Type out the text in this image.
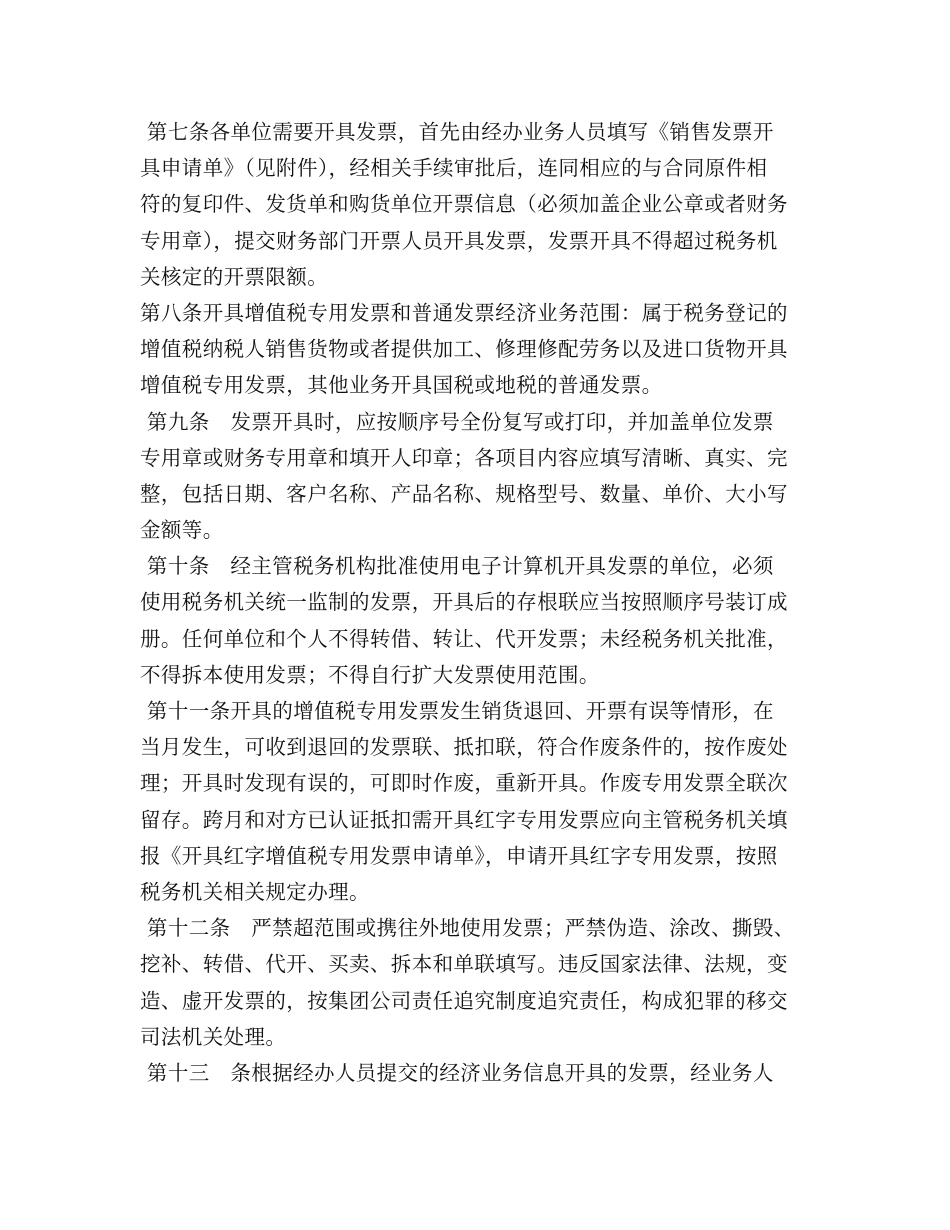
第七条各单位需要开具发票，首先由经办业务人员填写《销售发票开
具申请单》（见附件），经相关手续审批后，连同相应的与合同原件相
符的复印件、发货单和购货单位开票信息（必须加盖企业公章或者财务
专用章），提交财务部门开票人员开具发票，发票开具不得超过税务机
关核定的开票限额。
第八条开具增值税专用发票和普通发票经济业务范围：属于税务登记的
增值税纳税人销售货物或者提供加工、修理修配劳务以及进口货物开具
增值税专用发票，其他业务开具国税或地税的普通发票。
第九条   发票开具时，应按顺序号全份复写或打印，并加盖单位发票
专用章或财务专用章和填开人印章；各项目内容应填写清晰、真实、完
整，包括日期、客户名称、产品名称、规格型号、数量、单价、大小写
金额等。
第十条   经主管税务机构批准使用电子计算机开具发票的单位，必须
使用税务机关统一监制的发票，开具后的存根联应当按照顺序号装订成
册。任何单位和个人不得转借、转让、代开发票；未经税务机关批准，
不得拆本使用发票；不得自行扩大发票使用范围。
第十一条开具的增值税专用发票发生销货退回、开票有误等情形，在
当月发生，可收到退回的发票联、抵扣联，符合作废条件的，按作废处
理；开具时发现有误的，可即时作废，重新开具。作废专用发票全联次
留存。跨月和对方已认证抵扣需开具红字专用发票应向主管税务机关填
报《开具红字增值税专用发票申请单》，申请开具红字专用发票，按照
税务机关相关规定办理。
第十二条   严禁超范围或携往外地使用发票；严禁伪造、涂改、撕毁、
挖补、转借、代开、买卖、拆本和单联填写。违反国家法律、法规，变
造、虚开发票的，按集团公司责任追究制度追究责任，构成犯罪的移交
司法机关处理。
第十三   条根据经办人员提交的经济业务信息开具的发票，经业务人
